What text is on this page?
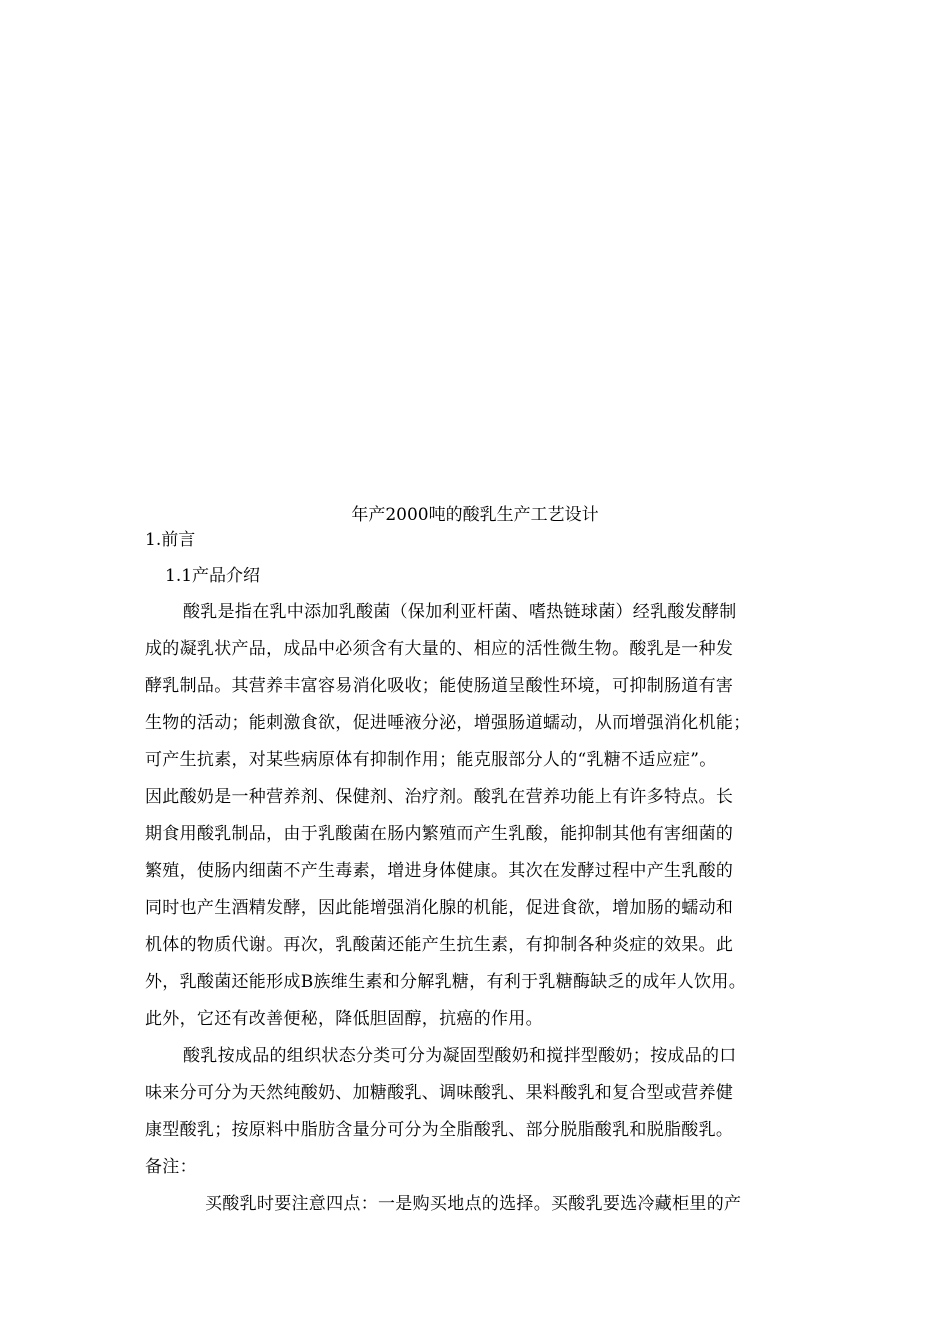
年产2000吨的酸乳生产工艺设计
1.前言
1.1产品介绍
酸乳是指在乳中添加乳酸菌（保加利亚杆菌、嗜热链球菌）经乳酸发酵制
成的凝乳状产品，成品中必须含有大量的、相应的活性微生物。酸乳是一种发
酵乳制品。其营养丰富容易消化吸收；能使肠道呈酸性环境，可抑制肠道有害
生物的活动；能刺激食欲，促进唾液分泌，增强肠道蠕动，从而增强消化机能；
可产生抗素，对某些病原体有抑制作用；能克服部分人的“乳糖不适应症”。
因此酸奶是一种营养剂、保健剂、治疗剂。酸乳在营养功能上有许多特点。长
期食用酸乳制品，由于乳酸菌在肠内繁殖而产生乳酸，能抑制其他有害细菌的
繁殖，使肠内细菌不产生毒素，增进身体健康。其次在发酵过程中产生乳酸的
同时也产生酒精发酵，因此能增强消化腺的机能，促进食欲，增加肠的蠕动和
机体的物质代谢。再次，乳酸菌还能产生抗生素，有抑制各种炎症的效果。此
外，乳酸菌还能形成B族维生素和分解乳糖，有利于乳糖酶缺乏的成年人饮用。
此外，它还有改善便秘，降低胆固醇，抗癌的作用。
酸乳按成品的组织状态分类可分为凝固型酸奶和搅拌型酸奶；按成品的口
味来分可分为天然纯酸奶、加糖酸乳、调味酸乳、果料酸乳和复合型或营养健
康型酸乳；按原料中脂肪含量分可分为全脂酸乳、部分脱脂酸乳和脱脂酸乳。
备注：
买酸乳时要注意四点：一是购买地点的选择。买酸乳要选冷藏柜里的产
